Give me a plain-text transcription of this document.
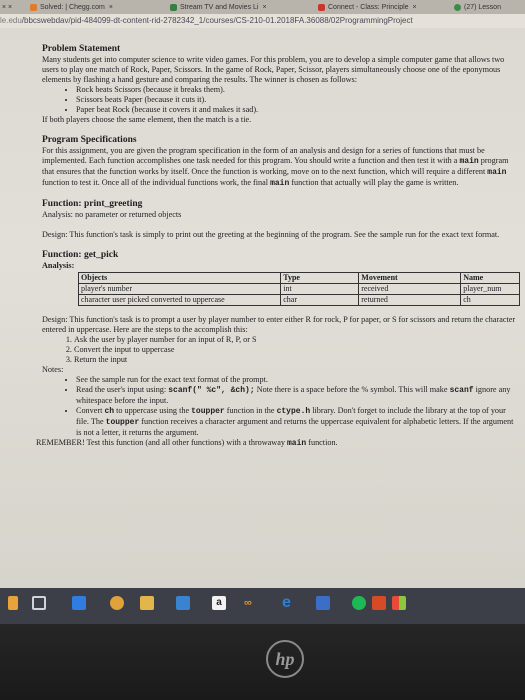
× ×	Solved: | Chegg.com ×	Stream TV and Movies Li ×	Connect - Class: Principle ×	(27) Lesson
le.edu/bbcswebdav/pid-484099-dt-content-rid-2782342_1/courses/CS-210-01.2018FA.36088/02ProgrammingProject

Problem Statement

Many students get into computer science to write video games. For this problem, you are to develop a simple computer game that allows two users to play one match of Rock, Paper, Scissors. In the game of Rock, Paper, Scissor, players simultaneously choose one of the eponymous elements by flashing a hand gesture and comparing the results. The winner is chosen as follows:

• Rock beats Scissors (because it breaks them).
• Scissors beats Paper (because it cuts it).
• Paper beat Rock (because it covers it and makes it sad).

If both players choose the same element, then the match is a tie.

Program Specifications

For this assignment, you are given the program specification in the form of an analysis and design for a series of functions that must be implemented. Each function accomplishes one task needed for this program. You should write a function and then test it with a main program that ensures that the function works by itself. Once the function is working, move on to the next function, which will require a different main function to test it. Once all of the individual functions work, the final main function that actually will play the game is written.

Function: print_greeting

Analysis: no parameter or returned objects

Design: This function's task is simply to print out the greeting at the beginning of the program. See the sample run for the exact text format.

Function: get_pick

Analysis:

Objects	Type	Movement	Name
player's number	int	received	player_num
character user picked converted to uppercase	char	returned	ch

Design: This function's task is to prompt a user by player number to enter either R for rock, P for paper, or S for scissors and return the character entered in uppercase. Here are the steps to the accomplish this:

1. Ask the user by player number for an input of R, P, or S
2. Convert the input to uppercase
3. Return the input

Notes:

• See the sample run for the exact text format of the prompt.
• Read the user's input using: scanf(" %c", &ch); Note there is a space before the % symbol. This will make scanf ignore any whitespace before the input.
• Convert ch to uppercase using the toupper function in the ctype.h library. Don't forget to include the library at the top of your file. The toupper function receives a character argument and returns the uppercase equivalent for alphabetic letters. If the argument is not a letter, it returns the argument.

REMEMBER! Test this function (and all other functions) with a throwaway main function.

a	∞	e
hp
